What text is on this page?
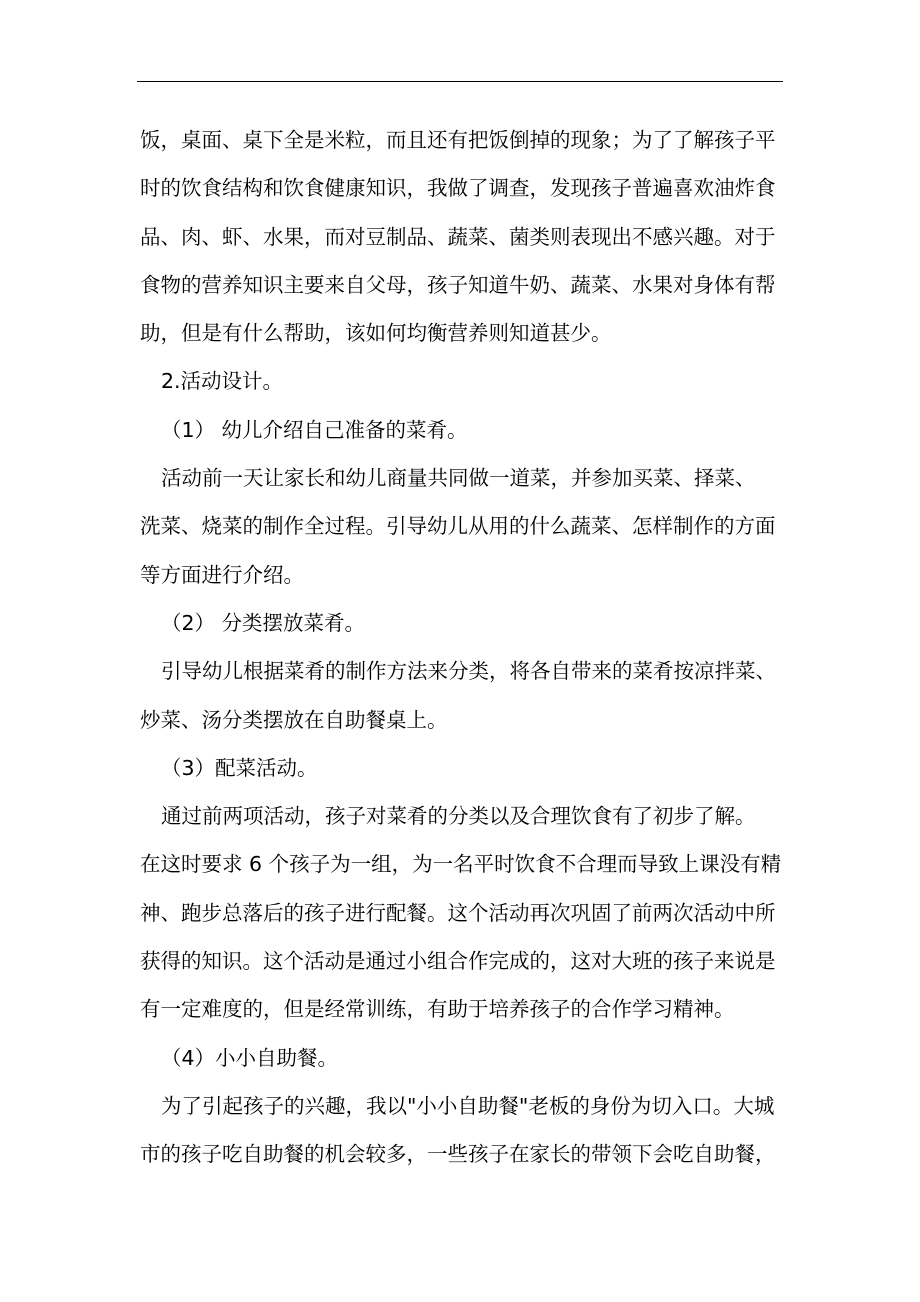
饭，桌面、桌下全是米粒，而且还有把饭倒掉的现象；为了了解孩子平
时的饮食结构和饮食健康知识，我做了调查，发现孩子普遍喜欢油炸食
品、肉、虾、水果，而对豆制品、蔬菜、菌类则表现出不感兴趣。对于
食物的营养知识主要来自父母，孩子知道牛奶、蔬菜、水果对身体有帮
助，但是有什么帮助，该如何均衡营养则知道甚少。
2.活动设计。
（1） 幼儿介绍自己准备的菜肴。
活动前一天让家长和幼儿商量共同做一道菜，并参加买菜、择菜、
洗菜、烧菜的制作全过程。引导幼儿从用的什么蔬菜、怎样制作的方面
等方面进行介绍。
（2） 分类摆放菜肴。
引导幼儿根据菜肴的制作方法来分类，将各自带来的菜肴按凉拌菜、
炒菜、汤分类摆放在自助餐桌上。
（3）配菜活动。
通过前两项活动，孩子对菜肴的分类以及合理饮食有了初步了解。
在这时要求 6 个孩子为一组，为一名平时饮食不合理而导致上课没有精
神、跑步总落后的孩子进行配餐。这个活动再次巩固了前两次活动中所
获得的知识。这个活动是通过小组合作完成的，这对大班的孩子来说是
有一定难度的，但是经常训练，有助于培养孩子的合作学习精神。
（4）小小自助餐。
为了引起孩子的兴趣，我以"小小自助餐"老板的身份为切入口。大城
市的孩子吃自助餐的机会较多，一些孩子在家长的带领下会吃自助餐，
